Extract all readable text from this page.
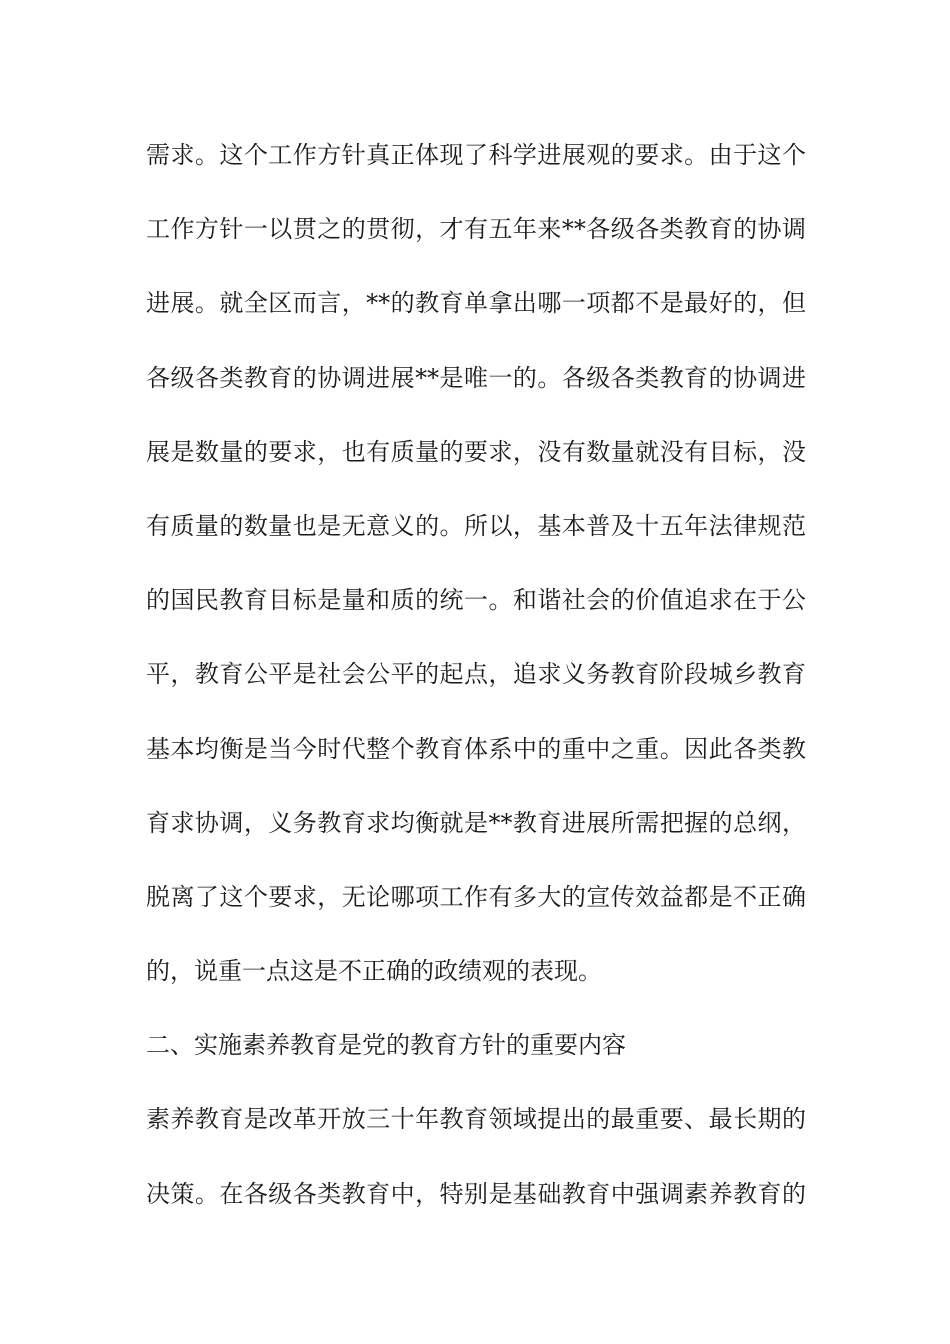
需求。这个工作方针真正体现了科学进展观的要求。由于这个
工作方针一以贯之的贯彻，才有五年来**各级各类教育的协调
进展。就全区而言，**的教育单拿出哪一项都不是最好的，但
各级各类教育的协调进展**是唯一的。各级各类教育的协调进
展是数量的要求，也有质量的要求，没有数量就没有目标，没
有质量的数量也是无意义的。所以，基本普及十五年法律规范
的国民教育目标是量和质的统一。和谐社会的价值追求在于公
平，教育公平是社会公平的起点，追求义务教育阶段城乡教育
基本均衡是当今时代整个教育体系中的重中之重。因此各类教
育求协调，义务教育求均衡就是**教育进展所需把握的总纲，
脱离了这个要求，无论哪项工作有多大的宣传效益都是不正确
的，说重一点这是不正确的政绩观的表现。
二、实施素养教育是党的教育方针的重要内容
素养教育是改革开放三十年教育领域提出的最重要、最长期的
决策。在各级各类教育中，特别是基础教育中强调素养教育的
